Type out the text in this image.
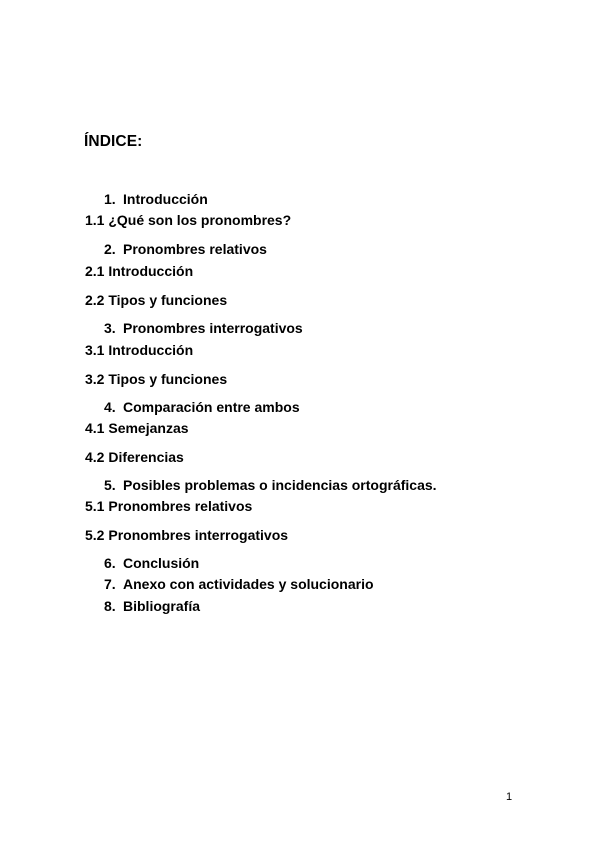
ÍNDICE:
1. Introducción
1.1 ¿Qué son los pronombres?
2. Pronombres relativos
2.1 Introducción
2.2 Tipos y funciones
3. Pronombres interrogativos
3.1 Introducción
3.2 Tipos y funciones
4. Comparación entre ambos
4.1 Semejanzas
4.2 Diferencias
5. Posibles problemas o incidencias ortográficas.
5.1 Pronombres relativos
5.2 Pronombres interrogativos
6. Conclusión
7. Anexo con actividades y solucionario
8. Bibliografía
1
